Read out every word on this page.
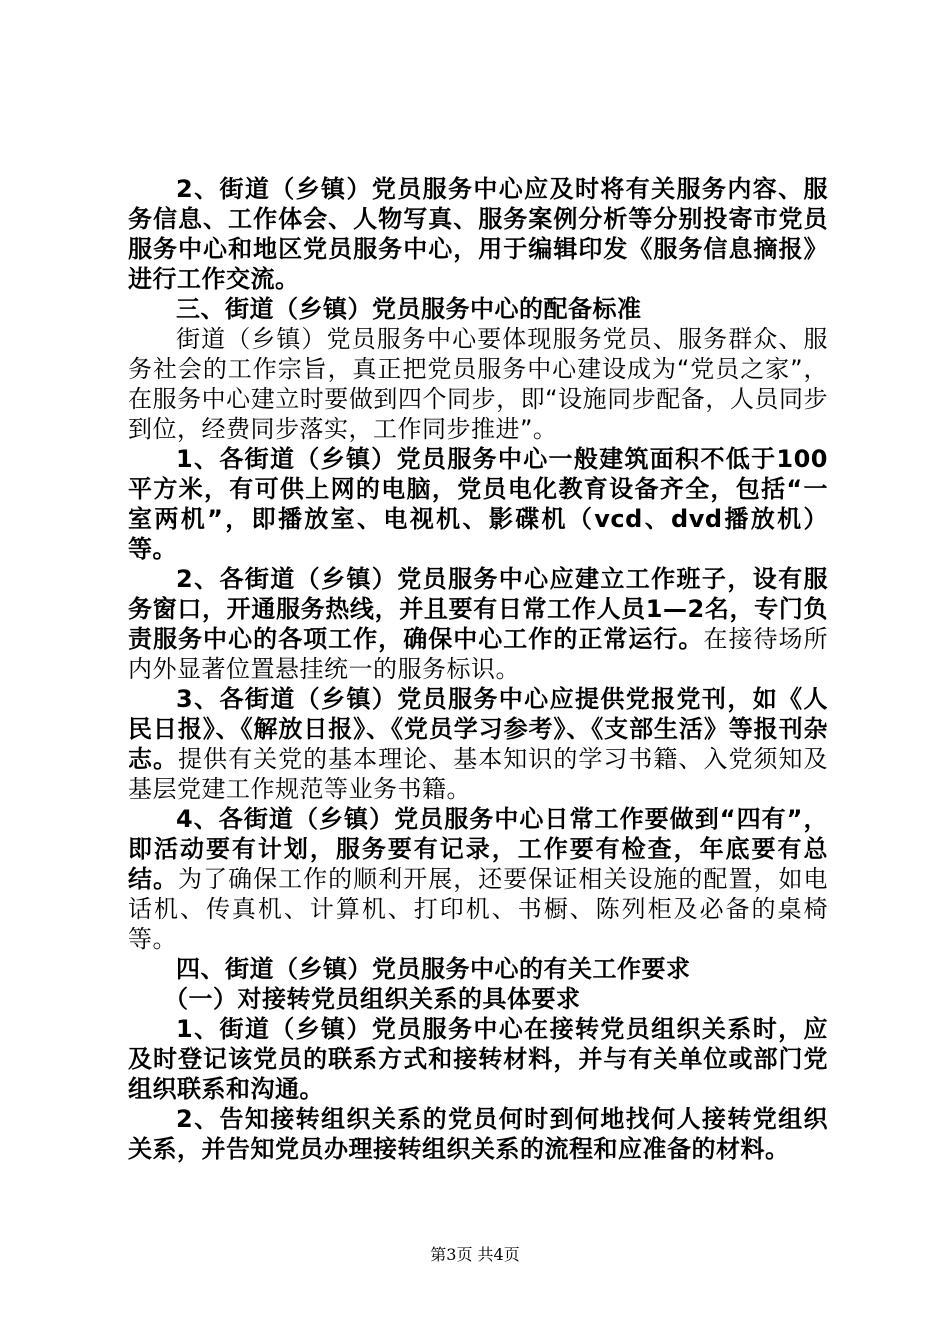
2、街道（乡镇）党员服务中心应及时将有关服务内容、服务信息、工作体会、人物写真、服务案例分析等分别投寄市党员服务中心和地区党员服务中心，用于编辑印发《服务信息摘报》进行工作交流。

三、街道（乡镇）党员服务中心的配备标准

街道（乡镇）党员服务中心要体现服务党员、服务群众、服务社会的工作宗旨，真正把党员服务中心建设成为“党员之家”，在服务中心建立时要做到四个同步，即“设施同步配备，人员同步到位，经费同步落实，工作同步推进”。

1、各街道（乡镇）党员服务中心一般建筑面积不低于100平方米，有可供上网的电脑，党员电化教育设备齐全，包括“一室两机”，即播放室、电视机、影碟机（vcd、dvd播放机）等。

2、各街道（乡镇）党员服务中心应建立工作班子，设有服务窗口，开通服务热线，并且要有日常工作人员1—2名，专门负责服务中心的各项工作，确保中心工作的正常运行。在接待场所内外显著位置悬挂统一的服务标识。

3、各街道（乡镇）党员服务中心应提供党报党刊，如《人民日报》、《解放日报》、《党员学习参考》、《支部生活》等报刊杂志。提供有关党的基本理论、基本知识的学习书籍、入党须知及基层党建工作规范等业务书籍。

4、各街道（乡镇）党员服务中心日常工作要做到“四有”，即活动要有计划，服务要有记录，工作要有检查，年底要有总结。为了确保工作的顺利开展，还要保证相关设施的配置，如电话机、传真机、计算机、打印机、书橱、陈列柜及必备的桌椅等。

四、街道（乡镇）党员服务中心的有关工作要求

（一）对接转党员组织关系的具体要求

1、街道（乡镇）党员服务中心在接转党员组织关系时，应及时登记该党员的联系方式和接转材料，并与有关单位或部门党组织联系和沟通。

2、告知接转组织关系的党员何时到何地找何人接转党组织关系，并告知党员办理接转组织关系的流程和应准备的材料。

第3页 共4页
